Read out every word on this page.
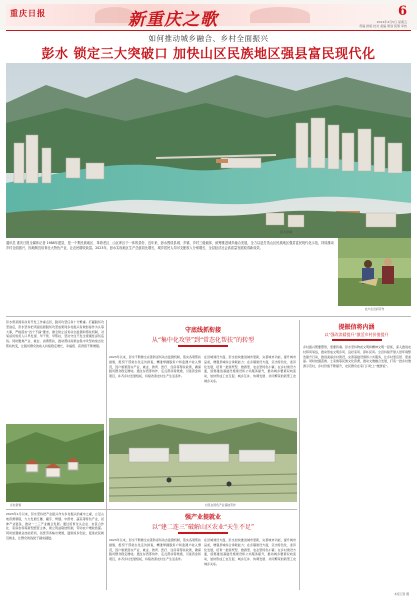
重庆日报	新重庆之歌	6
2024年4月5日 星期五
责编 排版 校对 美编 策划 统筹 审核
如何推动城乡融合、乡村全面振兴
彭水 锁定三大突破口 加快山区民族地区强县富民现代化
彭水县城
通讯员 重庆日报全媒体记者 1988年建县，是一个集民族地区、革命老区、山区库区于一体的县份，近年来，彭水围绕县城、乡镇、乡村三级载体，统筹推进城乡融合发展，全力以赴打造山区民族地区强县富民现代化示范，持续推动乡村全面振兴，因地制宜培育壮大特色产业，让农民增收致富。2023年，彭水实现地区生产总值同比增长，城乡居民人均可支配收入分别增长，全县经济社会高质量发展取得新成效。
农户在田间劳作
彭水曾是国家扶贫开发工作重点县，脱贫攻坚任务十分繁重。打赢脱贫攻坚战后，彭水坚持把巩固拓展脱贫攻坚成果同乡村振兴有效衔接作为头等大事，严格落实“四个不摘”要求，健全防止返贫动态监测和帮扶机制，对易返贫致贫人口早发现、早干预、早帮扶，坚决守住不发生规模性返贫底线。同时聚焦产业、就业、消费帮扶，推动帮扶政策由集中攻坚向常态化帮扶转变，让脱贫群众的收入持续稳定增长，幸福感、获得感不断增强。
守底线抓衔接
从“集中化攻坚”到“常态化帮扶”的转型
2023年以来，彭水不断健全完善防返贫动态监测机制，落实各项帮扶措施，组织干部常态化走访排查，精准掌握脱贫户和监测户收入情况，因户施策落实产业、就业、教育、医疗、住房等帮扶政策，确保脱贫群众稳定增收。通过东西部协作、定点帮扶等渠道，引进资金和项目，补齐乡村发展短板，持续改善农村生产生活条件。
在县城建设方面，彭水加快推进城市更新，完善城市功能，提升城市品质，增强县城综合承载能力；在乡镇建设方面，突出特色化、差异化发展，培育一批商贸型、旅游型、农业型特色小镇；在乡村建设方面，统筹推进基础设施建设和公共服务提升，推动城乡要素双向流动，加快形成工农互促、城乡互补、协调发展、共同繁荣的新型工农城乡关系。
提振信将内涵
以“强改淡精提升”激活乡村价值提升
乡村振兴既要塑形，更要铸魂。彭水坚持物质文明和精神文明一起抓，深入推进农村移风易俗，推动形成文明乡风、良好家风、淳朴民风。全县持续开展人居环境整治提升行动，推进美丽乡村建设，完善基础设施和公共服务，让乡村更宜居、更美丽。同时挖掘苗族、土家族等民族文化资源，推动文旅融合发展，打造一批乡村旅游示范村，乡村价值不断提升，农民群众在家门口吃上“旅游饭”。
乡村新貌	村民在特色产业基地劳作
强产业提就业
以“建二连三”破解山区农业“天生不足”
2023年1月以来，彭水坚持把产业振兴作为乡村振兴的重中之重，立足山地资源禀赋，大力发展红薯、魔芋、烤烟、中药材、蔬菜等特色产业，延伸产业链条，推动一二三产业融合发展。通过培育龙头企业、农民合作社、家庭农场等新型经营主体，建立利益联结机制，带动农户增收致富。同时加强就业技能培训，拓宽劳务输出渠道，鼓励返乡创业，促进农民就近就业，让群众的钱袋子越来越鼓。
2023年以来，彭水不断健全完善防返贫动态监测机制，落实各项帮扶措施，组织干部常态化走访排查，精准掌握脱贫户和监测户收入情况，因户施策落实产业、就业、教育、医疗、住房等帮扶政策，确保脱贫群众稳定增收。通过东西部协作、定点帮扶等渠道，引进资金和项目，补齐乡村发展短板，持续改善农村生产生活条件。
在县城建设方面，彭水加快推进城市更新，完善城市功能，提升城市品质，增强县城综合承载能力；在乡镇建设方面，突出特色化、差异化发展，培育一批商贸型、旅游型、农业型特色小镇；在乡村建设方面，统筹推进基础设施建设和公共服务提升，推动城乡要素双向流动，加快形成工农互促、城乡互补、协调发展、共同繁荣的新型工农城乡关系。
本报记者 摄
